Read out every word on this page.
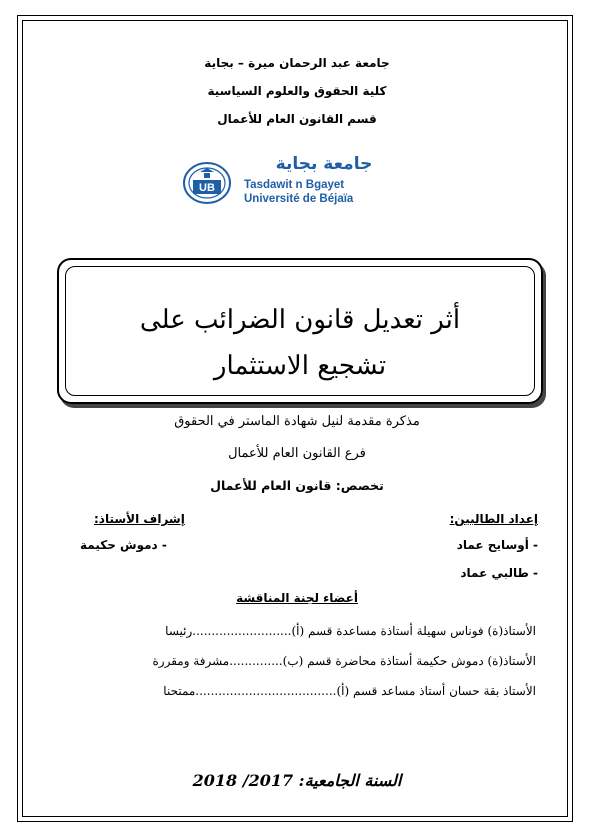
جامعة عبد الرحمان ميرة – بجاية
كلية الحقوق والعلوم السياسية
قسم القانون العام للأعمال
UB
جامعة بجاية
Tasdawit n Bgayet
Université de Béjaïa
أثر تعديل قانون الضرائب على تشجيع الاستثمار
مذكرة مقدمة لنيل شهادة الماستر في الحقوق
فرع القانون العام للأعمال
تخصص: قانون العام للأعمال
إعداد الطالبين:
- أوسايح عماد
- طالبي عماد
إشراف الأستاذ:
- دموش حكيمة
أعضاء لجنة المناقشة
الأستاذ(ة) فوناس سهيلة أستاذة مساعدة قسم (أ)..........................رئيسا
الأستاذ(ة) دموش حكيمة أستاذة محاضرة قسم (ب)..............مشرفة ومقررة
الأستاذ بقة حسان أستاذ مساعد قسم (أ).....................................ممتحنا
السنة الجامعية: 2017/ 2018
